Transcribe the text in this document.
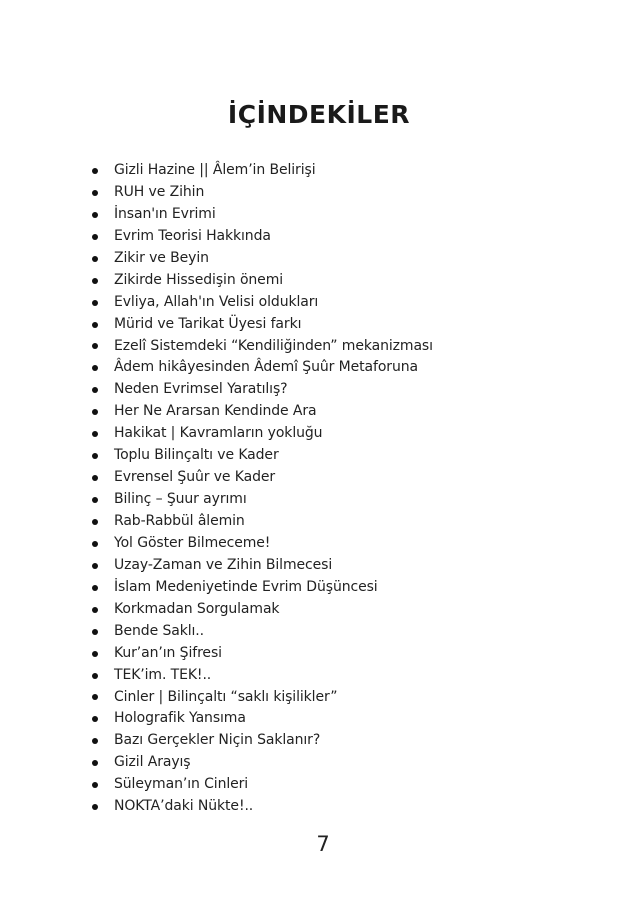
İÇİNDEKİLER
Gizli Hazine || Âlem’in Belirişi
RUH ve Zihin
İnsan'ın Evrimi
Evrim Teorisi Hakkında
Zikir ve Beyin
Zikirde Hissedişin önemi
Evliya, Allah'ın Velisi oldukları
Mürid ve Tarikat Üyesi farkı
Ezelî Sistemdeki “Kendiliğinden” mekanizması
Âdem hikâyesinden Âdemî Şuûr Metaforuna
Neden Evrimsel Yaratılış?
Her Ne Ararsan Kendinde Ara
Hakikat | Kavramların yokluğu
Toplu Bilinçaltı ve Kader
Evrensel Şuûr ve Kader
Bilinç – Şuur ayrımı
Rab-Rabbül âlemin
Yol Göster Bilmeceme!
Uzay-Zaman ve Zihin Bilmecesi
İslam Medeniyetinde Evrim Düşüncesi
Korkmadan Sorgulamak
Bende Saklı..
Kur’an’ın Şifresi
TEK’im. TEK!..
Cinler | Bilinçaltı “saklı kişilikler”
Holografik Yansıma
Bazı Gerçekler Niçin Saklanır?
Gizil Arayış
Süleyman’ın Cinleri
NOKTA’daki Nükte!..
7
